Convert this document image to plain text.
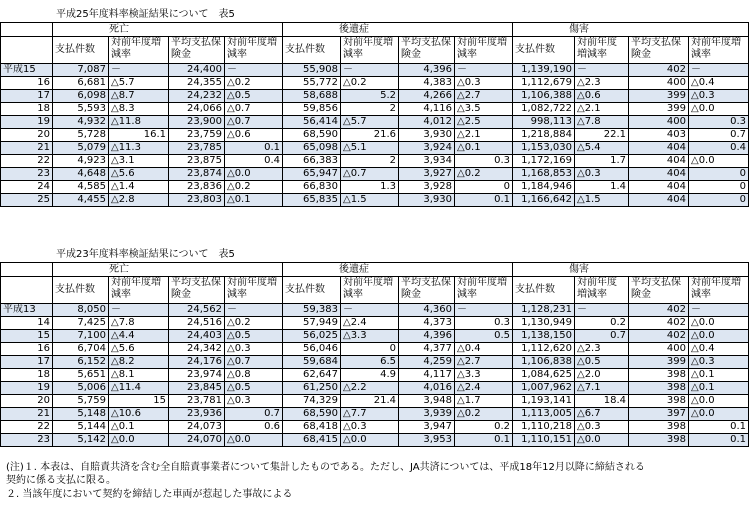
平成25年度料率検証結果について　表5
	死亡				後遺症				傷害			
	支払件数	対前年度増減率	平均支払保険金	対前年度増減率	支払件数	対前年度増減率	平均支払保険金	対前年度増減率	支払件数	対前年度増減率	平均支払保険金	対前年度増減率
平成15	7,087	－	24,400	－	55,908	－	4,396	－	1,139,190	－	402	－
16	6,681	△5.7	24,355	△0.2	55,772	△0.2	4,383	△0.3	1,112,679	△2.3	400	△0.4
17	6,098	△8.7	24,232	△0.5	58,688	5.2	4,266	△2.7	1,106,388	△0.6	399	△0.3
18	5,593	△8.3	24,066	△0.7	59,856	2	4,116	△3.5	1,082,722	△2.1	399	△0.0
19	4,932	△11.8	23,900	△0.7	56,414	△5.7	4,012	△2.5	998,113	△7.8	400	0.3
20	5,728	16.1	23,759	△0.6	68,590	21.6	3,930	△2.1	1,218,884	22.1	403	0.7
21	5,079	△11.3	23,785	0.1	65,098	△5.1	3,924	△0.1	1,153,030	△5.4	404	0.4
22	4,923	△3.1	23,875	0.4	66,383	2	3,934	0.3	1,172,169	1.7	404	△0.0
23	4,648	△5.6	23,874	△0.0	65,947	△0.7	3,927	△0.2	1,168,853	△0.3	404	0
24	4,585	△1.4	23,836	△0.2	66,830	1.3	3,928	0	1,184,946	1.4	404	0
25	4,455	△2.8	23,803	△0.1	65,835	△1.5	3,930	0.1	1,166,642	△1.5	404	0
平成23年度料率検証結果について　表5
	死亡				後遺症				傷害			
	支払件数	対前年度増減率	平均支払保険金	対前年度増減率	支払件数	対前年度増減率	平均支払保険金	対前年度増減率	支払件数	対前年度増減率	平均支払保険金	対前年度増減率
平成13	8,050	－	24,562	－	59,383	－	4,360	－	1,128,231	－	402	－
14	7,425	△7.8	24,516	△0.2	57,949	△2.4	4,373	0.3	1,130,949	0.2	402	△0.0
15	7,100	△4.4	24,403	△0.5	56,025	△3.3	4,396	0.5	1,138,150	0.7	402	△0.0
16	6,704	△5.6	24,342	△0.3	56,046	0	4,377	△0.4	1,112,620	△2.3	400	△0.4
17	6,152	△8.2	24,176	△0.7	59,684	6.5	4,259	△2.7	1,106,838	△0.5	399	△0.3
18	5,651	△8.1	23,974	△0.8	62,647	4.9	4,117	△3.3	1,084,625	△2.0	398	△0.1
19	5,006	△11.4	23,845	△0.5	61,250	△2.2	4,016	△2.4	1,007,962	△7.1	398	△0.1
20	5,759	15	23,781	△0.3	74,329	21.4	3,948	△1.7	1,193,141	18.4	398	△0.0
21	5,148	△10.6	23,936	0.7	68,590	△7.7	3,939	△0.2	1,113,005	△6.7	397	△0.0
22	5,144	△0.1	24,073	0.6	68,418	△0.3	3,947	0.2	1,110,218	△0.3	398	0.1
23	5,142	△0.0	24,070	△0.0	68,415	△0.0	3,953	0.1	1,110,151	△0.0	398	0.1
(注)１. 本表は、自賠責共済を含む全自賠責事業者について集計したものである。ただし、JA共済については、平成18年12月以降に締結される
契約に係る支払に限る。
２. 当該年度において契約を締結した車両が惹起した事故による
